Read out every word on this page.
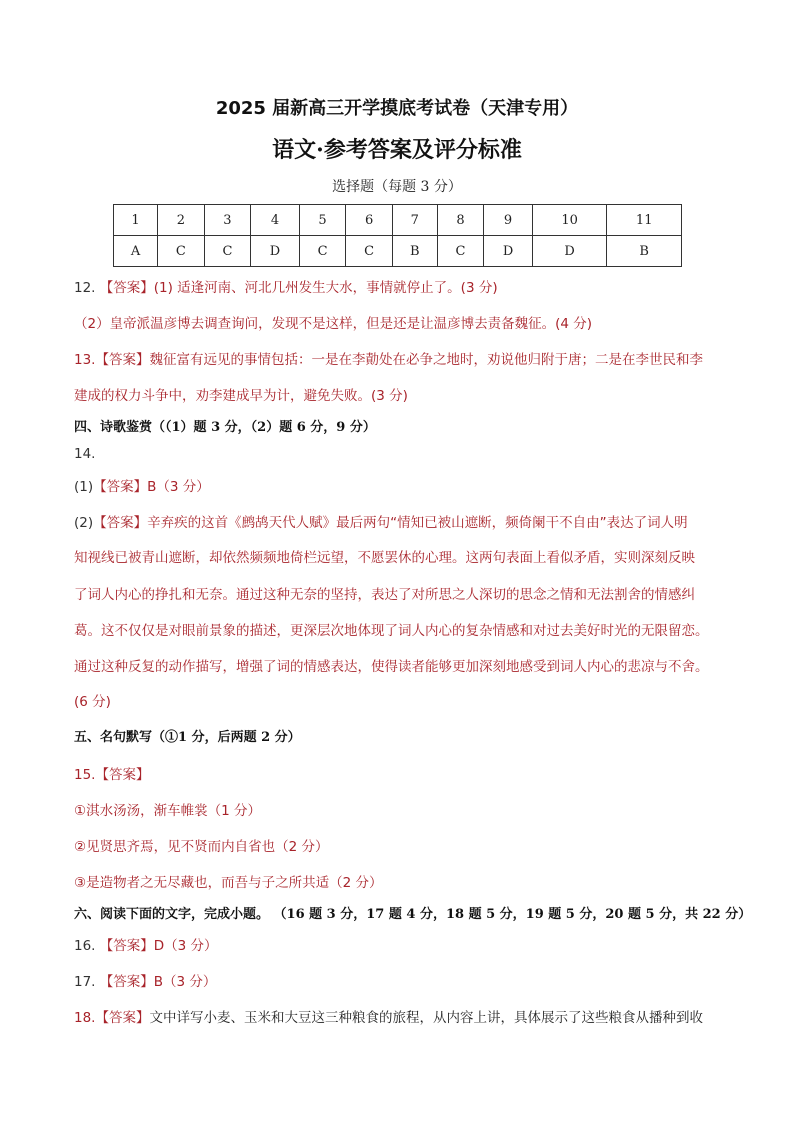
2025 届新高三开学摸底考试卷（天津专用）
语文·参考答案及评分标准
选择题（每题 3 分）
1	2	3	4	5	6	7	8	9	10	11
A	C	C	D	C	C	B	C	D	D	B
12. 【答案】(1) 适逢河南、河北几州发生大水，事情就停止了。(3 分)
（2）皇帝派温彦博去调查询问，发现不是这样，但是还是让温彦博去责备魏征。(4 分)
13.【答案】魏征富有远见的事情包括：一是在李勣处在必争之地时，劝说他归附于唐；二是在李世民和李
建成的权力斗争中，劝李建成早为计，避免失败。(3 分)
四、诗歌鉴赏（（1）题 3 分，（2）题 6 分，9 分）
14.
(1)【答案】B（3 分）
(2)【答案】辛弃疾的这首《鹧鸪天代人赋》最后两句“情知已被山遮断，频倚阑干不自由”表达了词人明
知视线已被青山遮断，却依然频频地倚栏远望，不愿罢休的心理。这两句表面上看似矛盾，实则深刻反映
了词人内心的挣扎和无奈。通过这种无奈的坚持，表达了对所思之人深切的思念之情和无法割舍的情感纠
葛。这不仅仅是对眼前景象的描述，更深层次地体现了词人内心的复杂情感和对过去美好时光的无限留恋。
通过这种反复的动作描写，增强了词的情感表达，使得读者能够更加深刻地感受到词人内心的悲凉与不舍。
(6 分)
五、名句默写（①1 分，后两题 2 分）
15.【答案】
①淇水汤汤，渐车帷裳（1 分）
②见贤思齐焉，见不贤而内自省也（2 分）
③是造物者之无尽藏也，而吾与子之所共适（2 分）
六、阅读下面的文字，完成小题。 （16 题 3 分，17 题 4 分，18 题 5 分，19 题 5 分，20 题 5 分，共 22 分）
16. 【答案】D（3 分）
17. 【答案】B（3 分）
18.【答案】文中详写小麦、玉米和大豆这三种粮食的旅程，从内容上讲，具体展示了这些粮食从播种到收
